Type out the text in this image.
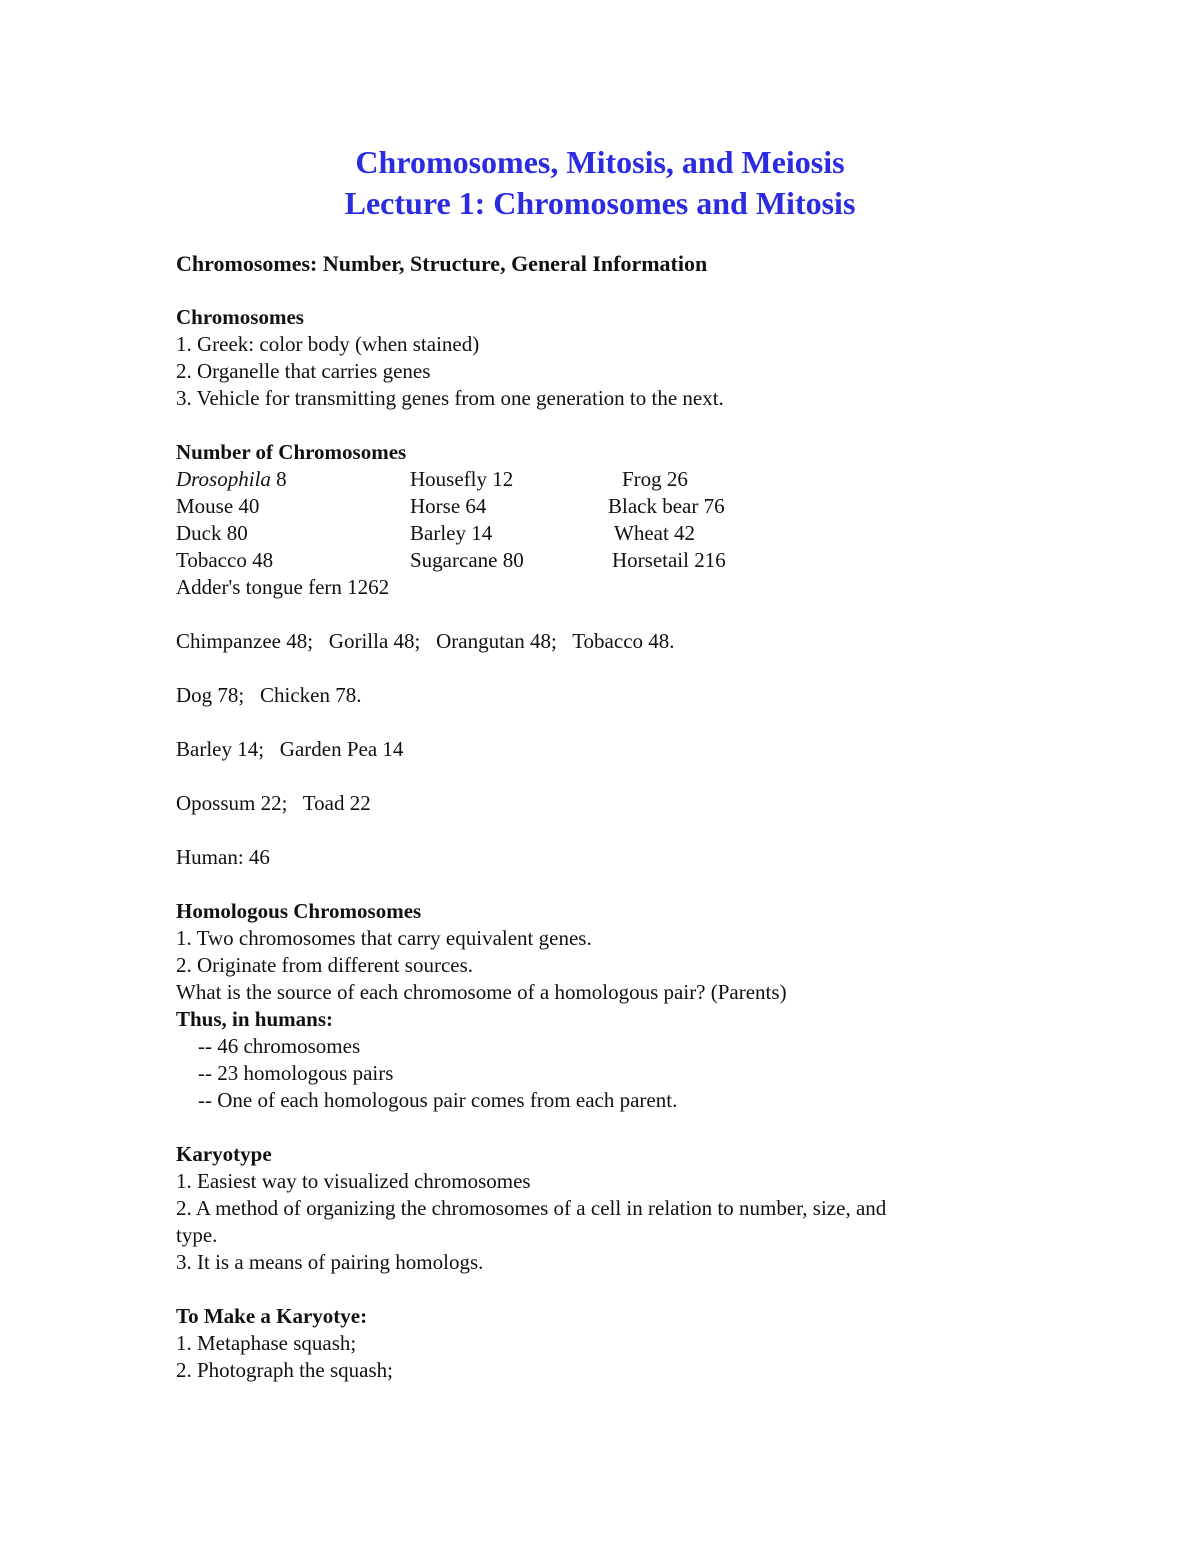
Chromosomes, Mitosis, and Meiosis
Lecture 1: Chromosomes and Mitosis
Chromosomes: Number, Structure, General Information
Chromosomes
1. Greek: color body (when stained)
2. Organelle that carries genes
3. Vehicle for transmitting genes from one generation to the next.
Number of Chromosomes
Drosophila 8	Housefly 12	Frog 26
Mouse 40	Horse 64	Black bear 76
Duck 80	Barley 14	Wheat 42
Tobacco 48	Sugarcane 80	Horsetail 216
Adder's tongue fern 1262
Chimpanzee 48;   Gorilla 48;   Orangutan 48;   Tobacco 48.
Dog 78;   Chicken 78.
Barley 14;   Garden Pea 14
Opossum 22;   Toad 22
Human: 46
Homologous Chromosomes
1. Two chromosomes that carry equivalent genes.
2. Originate from different sources.
What is the source of each chromosome of a homologous pair? (Parents)
Thus, in humans:
-- 46 chromosomes
-- 23 homologous pairs
-- One of each homologous pair comes from each parent.
Karyotype
1. Easiest way to visualized chromosomes
2. A method of organizing the chromosomes of a cell in relation to number, size, and
type.
3. It is a means of pairing homologs.
To Make a Karyotye:
1. Metaphase squash;
2. Photograph the squash;
